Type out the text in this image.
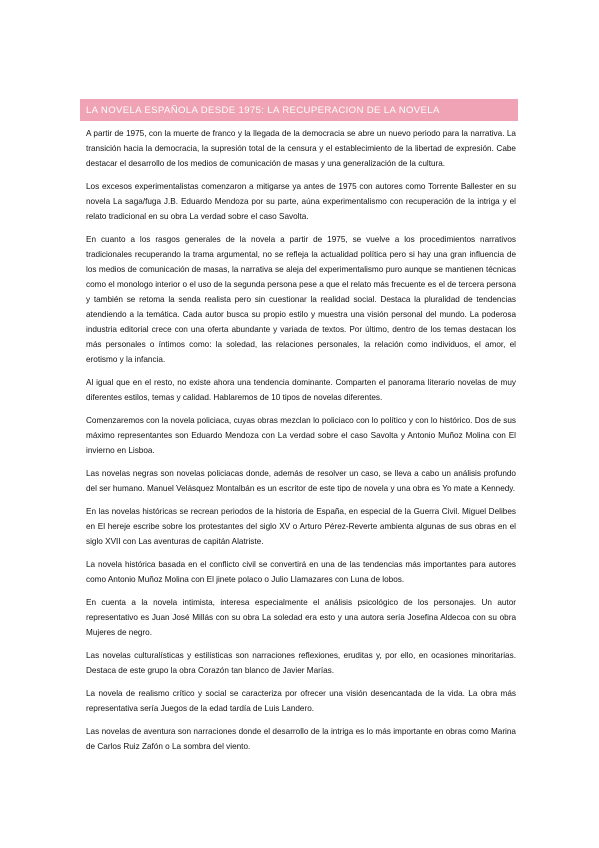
LA NOVELA ESPAÑOLA DESDE 1975: LA RECUPERACION DE LA NOVELA

A partir de 1975, con la muerte de franco y la llegada de la democracia se abre un nuevo periodo para la narrativa. La transición hacia la democracia, la supresión total de la censura y el establecimiento de la libertad de expresión. Cabe destacar el desarrollo de los medios de comunicación de masas y una generalización de la cultura.

Los excesos experimentalistas comenzaron a mitigarse ya antes de 1975 con autores como Torrente Ballester en su novela La saga/fuga J.B. Eduardo Mendoza por su parte, aúna experimentalismo con recuperación de la intriga y el relato tradicional en su obra La verdad sobre el caso Savolta.

En cuanto a los rasgos generales de la novela a partir de 1975, se vuelve a los procedimientos narrativos tradicionales recuperando la trama argumental, no se refleja la actualidad política pero si hay una gran influencia de los medios de comunicación de masas, la narrativa se aleja del experimentalismo puro aunque se mantienen técnicas como el monologo interior o el uso de la segunda persona pese a que el relato más frecuente es el de tercera persona y también se retoma la senda realista pero sin cuestionar la realidad social. Destaca la pluralidad de tendencias atendiendo a la temática. Cada autor busca su propio estilo y muestra una visión personal del mundo. La poderosa industria editorial crece con una oferta abundante y variada de textos. Por último, dentro de los temas destacan los más personales o íntimos como: la soledad, las relaciones personales, la relación como individuos, el amor, el erotismo y la infancia.

Al igual que en el resto, no existe ahora una tendencia dominante. Comparten el panorama literario novelas de muy diferentes estilos, temas y calidad. Hablaremos de 10 tipos de novelas diferentes.

Comenzaremos con la novela policiaca, cuyas obras mezclan lo policiaco con lo político y con lo histórico. Dos de sus máximo representantes son Eduardo Mendoza con La verdad sobre el caso Savolta y Antonio Muñoz Molina con El invierno en Lisboa.

Las novelas negras son novelas policiacas donde, además de resolver un caso, se lleva a cabo un análisis profundo del ser humano. Manuel Velásquez Montalbán es un escritor de este tipo de novela y una obra es Yo mate a Kennedy.

En las novelas históricas se recrean periodos de la historia de España, en especial de la Guerra Civil. Miguel Delibes en El hereje escribe sobre los protestantes del siglo XV o Arturo Pérez-Reverte ambienta algunas de sus obras en el siglo XVII con Las aventuras de capitán Alatriste.

La novela histórica basada en el conflicto civil se convertirá en una de las tendencias más importantes para autores como Antonio Muñoz Molina con El jinete polaco o Julio Llamazares con Luna de lobos.

En cuenta a la novela intimista, interesa especialmente el análisis psicológico de los personajes. Un autor representativo es Juan José Millás con su obra La soledad era esto y una autora sería Josefina Aldecoa con su obra Mujeres de negro.

Las novelas culturalísticas y estilísticas son narraciones reflexiones, eruditas y, por ello, en ocasiones minoritarias. Destaca de este grupo la obra Corazón tan blanco de Javier Marías.

La novela de realismo crítico y social se caracteriza por ofrecer una visión desencantada de la vida. La obra más representativa sería Juegos de la edad tardía de Luis Landero.

Las novelas de aventura son narraciones donde el desarrollo de la intriga es lo más importante en obras como Marina de Carlos Ruiz Zafón o La sombra del viento.
